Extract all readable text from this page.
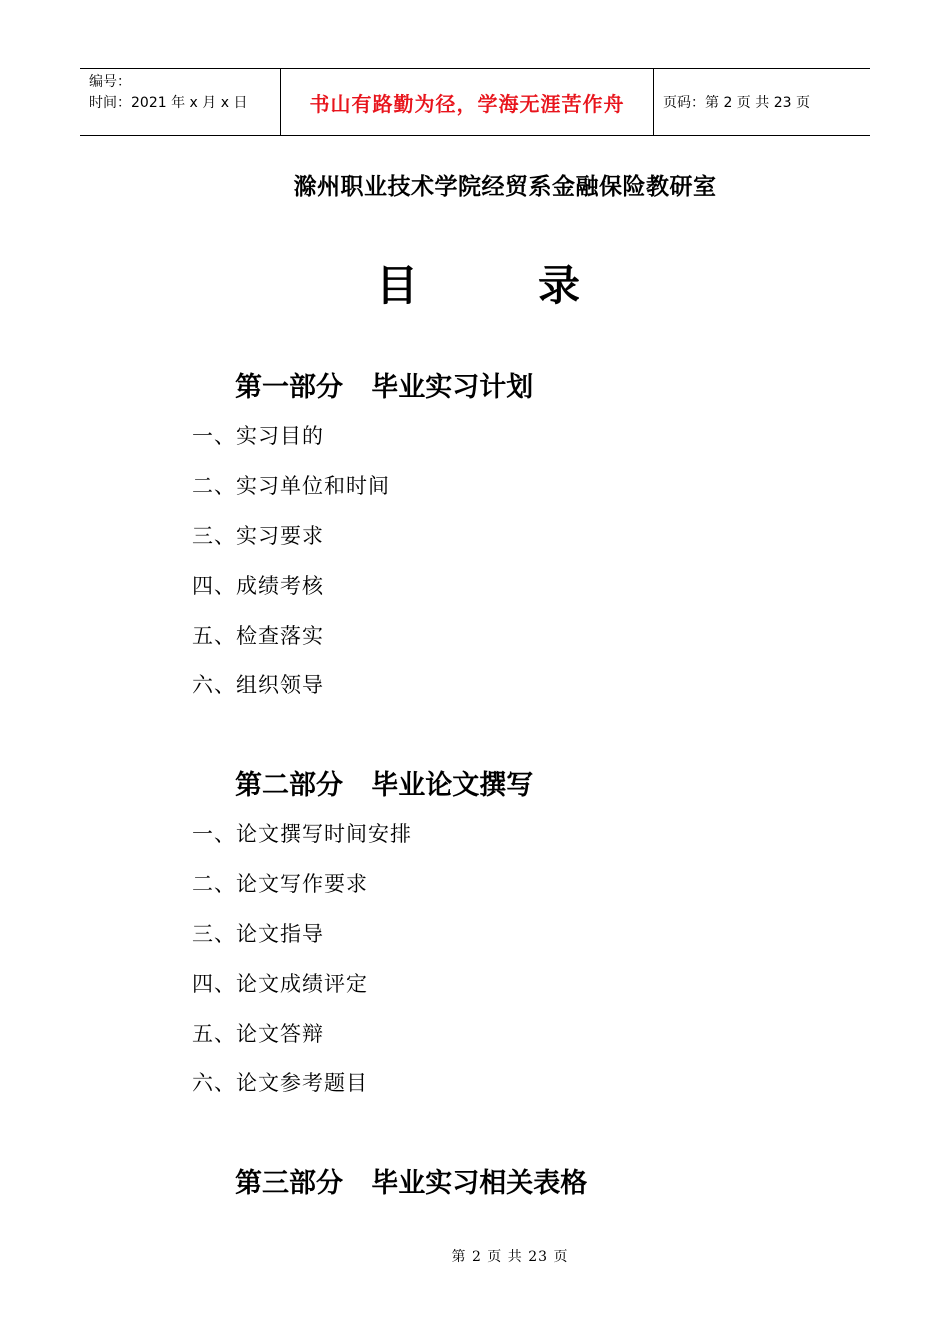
编号：
时间：2021 年 x 月 x 日	书山有路勤为径，学海无涯苦作舟	页码：第 2 页 共 23 页
滁州职业技术学院经贸系金融保险教研室
目	录
第一部分   毕业实习计划
一、实习目的
二、实习单位和时间
三、实习要求
四、成绩考核
五、检查落实
六、组织领导
第二部分   毕业论文撰写
一、论文撰写时间安排
二、论文写作要求
三、论文指导
四、论文成绩评定
五、论文答辩
六、论文参考题目
第三部分   毕业实习相关表格
第 2 页 共 23 页
